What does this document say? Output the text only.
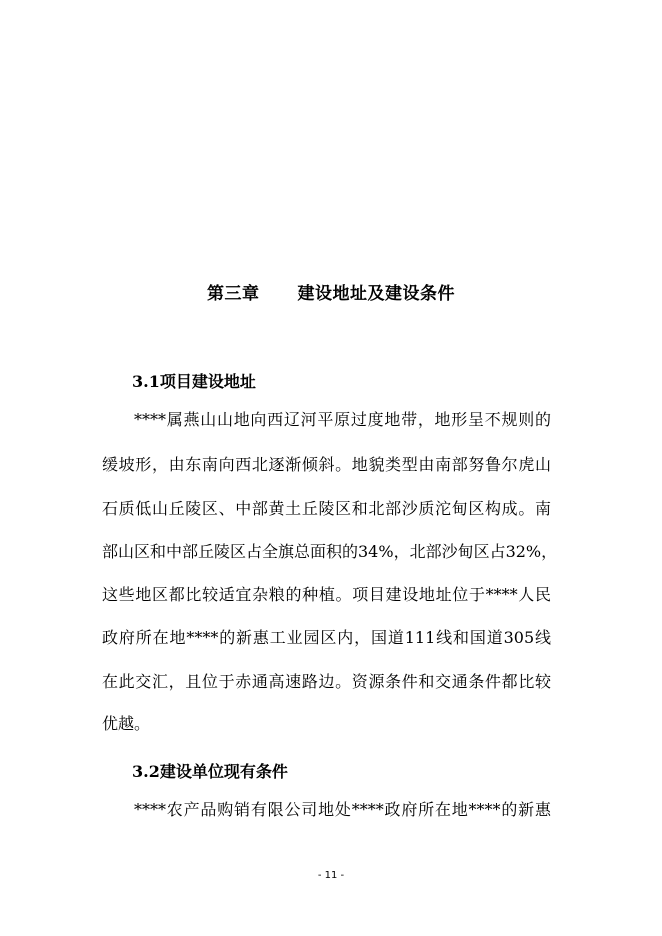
第三章 建设地址及建设条件
3.1项目建设地址
****属燕山山地向西辽河平原过度地带，地形呈不规则的
缓坡形，由东南向西北逐渐倾斜。地貌类型由南部努鲁尔虎山
石质低山丘陵区、中部黄土丘陵区和北部沙质沱甸区构成。南
部山区和中部丘陵区占全旗总面积的34%，北部沙甸区占32%，
这些地区都比较适宜杂粮的种植。项目建设地址位于****人民
政府所在地****的新惠工业园区内，国道111线和国道305线
在此交汇，且位于赤通高速路边。资源条件和交通条件都比较
优越。
3.2建设单位现有条件
****农产品购销有限公司地处****政府所在地****的新惠
- 11 -
